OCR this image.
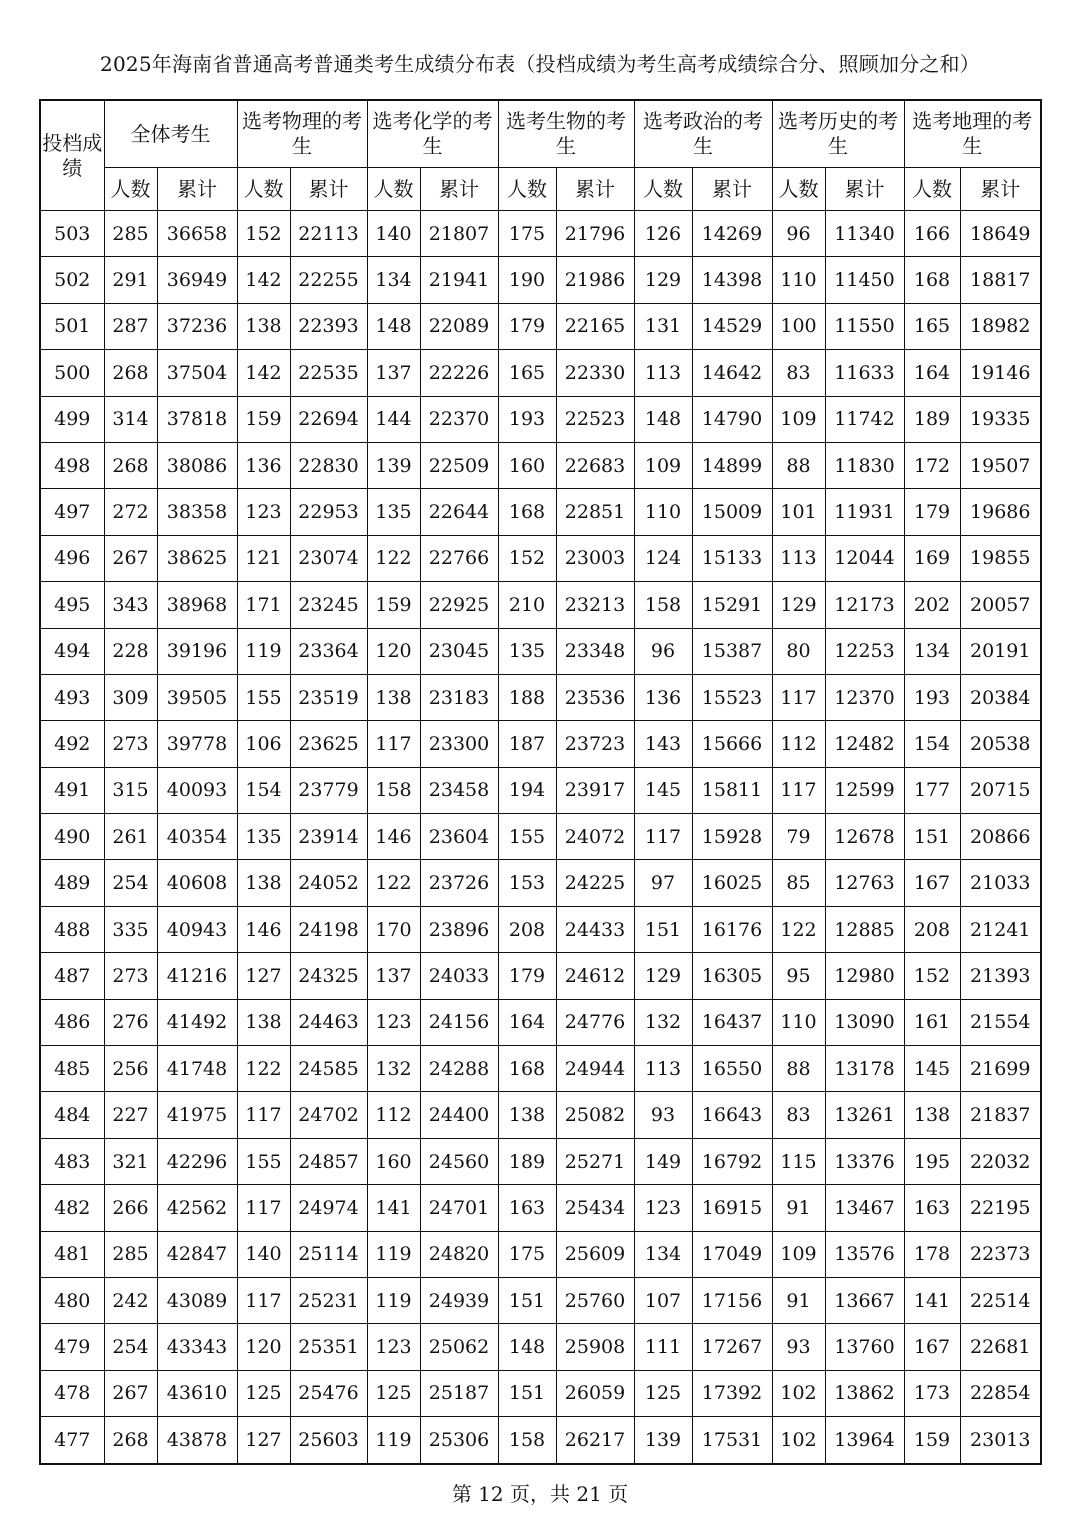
2025年海南省普通高考普通类考生成绩分布表（投档成绩为考生高考成绩综合分、照顾加分之和）
投档成绩	全体考生		选考物理的考生		选考化学的考生		选考生物的考生		选考政治的考生		选考历史的考生		选考地理的考生	
	人数	累计	人数	累计	人数	累计	人数	累计	人数	累计	人数	累计	人数	累计
503	285	36658	152	22113	140	21807	175	21796	126	14269	96	11340	166	18649
502	291	36949	142	22255	134	21941	190	21986	129	14398	110	11450	168	18817
501	287	37236	138	22393	148	22089	179	22165	131	14529	100	11550	165	18982
500	268	37504	142	22535	137	22226	165	22330	113	14642	83	11633	164	19146
499	314	37818	159	22694	144	22370	193	22523	148	14790	109	11742	189	19335
498	268	38086	136	22830	139	22509	160	22683	109	14899	88	11830	172	19507
497	272	38358	123	22953	135	22644	168	22851	110	15009	101	11931	179	19686
496	267	38625	121	23074	122	22766	152	23003	124	15133	113	12044	169	19855
495	343	38968	171	23245	159	22925	210	23213	158	15291	129	12173	202	20057
494	228	39196	119	23364	120	23045	135	23348	96	15387	80	12253	134	20191
493	309	39505	155	23519	138	23183	188	23536	136	15523	117	12370	193	20384
492	273	39778	106	23625	117	23300	187	23723	143	15666	112	12482	154	20538
491	315	40093	154	23779	158	23458	194	23917	145	15811	117	12599	177	20715
490	261	40354	135	23914	146	23604	155	24072	117	15928	79	12678	151	20866
489	254	40608	138	24052	122	23726	153	24225	97	16025	85	12763	167	21033
488	335	40943	146	24198	170	23896	208	24433	151	16176	122	12885	208	21241
487	273	41216	127	24325	137	24033	179	24612	129	16305	95	12980	152	21393
486	276	41492	138	24463	123	24156	164	24776	132	16437	110	13090	161	21554
485	256	41748	122	24585	132	24288	168	24944	113	16550	88	13178	145	21699
484	227	41975	117	24702	112	24400	138	25082	93	16643	83	13261	138	21837
483	321	42296	155	24857	160	24560	189	25271	149	16792	115	13376	195	22032
482	266	42562	117	24974	141	24701	163	25434	123	16915	91	13467	163	22195
481	285	42847	140	25114	119	24820	175	25609	134	17049	109	13576	178	22373
480	242	43089	117	25231	119	24939	151	25760	107	17156	91	13667	141	22514
479	254	43343	120	25351	123	25062	148	25908	111	17267	93	13760	167	22681
478	267	43610	125	25476	125	25187	151	26059	125	17392	102	13862	173	22854
477	268	43878	127	25603	119	25306	158	26217	139	17531	102	13964	159	23013
第 12 页，共 21 页
